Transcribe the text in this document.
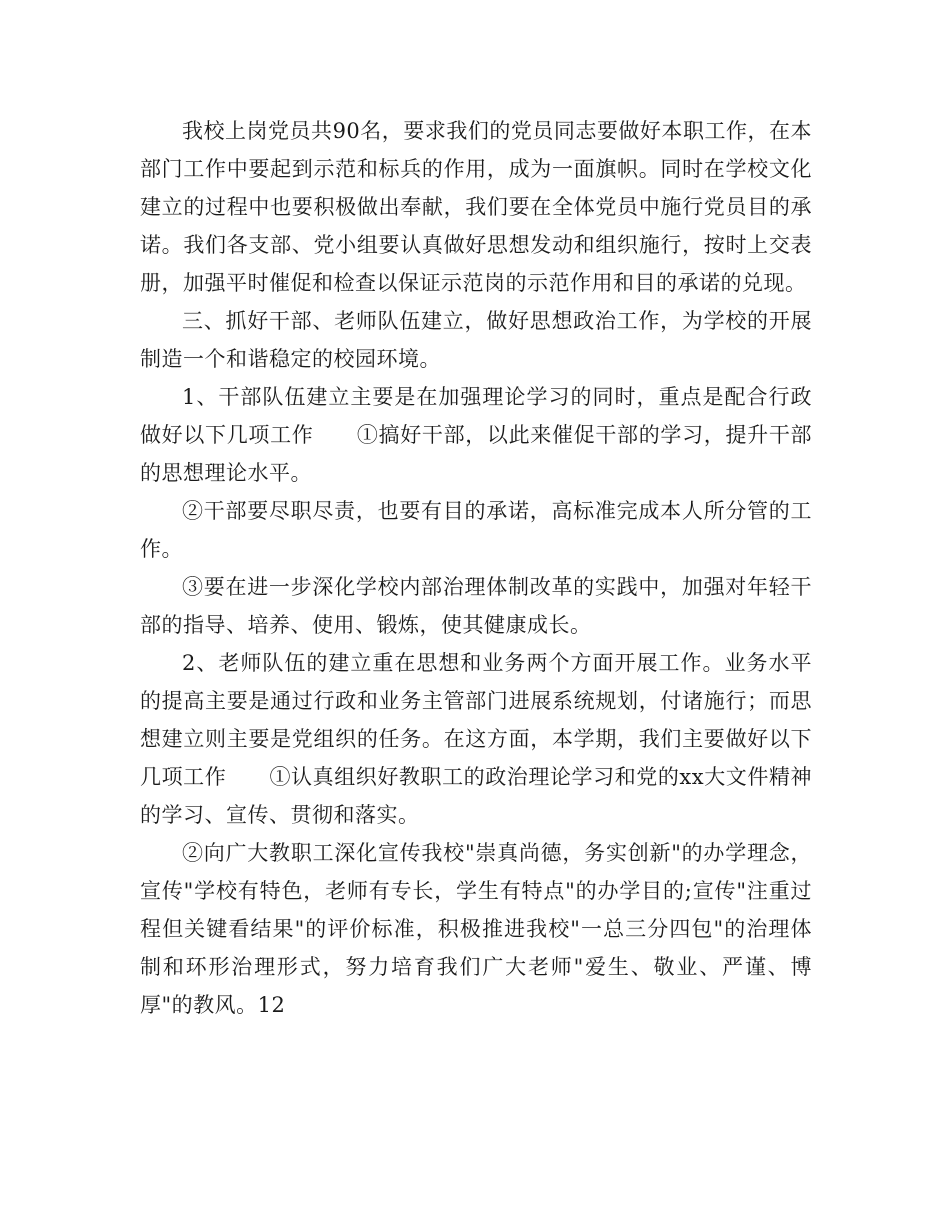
我校上岗党员共90名，要求我们的党员同志要做好本职工作，在本部门工作中要起到示范和标兵的作用，成为一面旗帜。同时在学校文化建立的过程中也要积极做出奉献，我们要在全体党员中施行党员目的承诺。我们各支部、党小组要认真做好思想发动和组织施行，按时上交表册，加强平时催促和检查以保证示范岗的示范作用和目的承诺的兑现。

三、抓好干部、老师队伍建立，做好思想政治工作，为学校的开展制造一个和谐稳定的校园环境。

1、干部队伍建立主要是在加强理论学习的同时，重点是配合行政做好以下几项工作　　①搞好干部，以此来催促干部的学习，提升干部的思想理论水平。

②干部要尽职尽责，也要有目的承诺，高标准完成本人所分管的工作。

③要在进一步深化学校内部治理体制改革的实践中，加强对年轻干部的指导、培养、使用、锻炼，使其健康成长。

2、老师队伍的建立重在思想和业务两个方面开展工作。业务水平的提高主要是通过行政和业务主管部门进展系统规划，付诸施行；而思想建立则主要是党组织的任务。在这方面，本学期，我们主要做好以下几项工作　　①认真组织好教职工的政治理论学习和党的xx大文件精神的学习、宣传、贯彻和落实。

②向广大教职工深化宣传我校"崇真尚德，务实创新"的办学理念，宣传"学校有特色，老师有专长，学生有特点"的办学目的;宣传"注重过程但关键看结果"的评价标准，积极推进我校"一总三分四包"的治理体制和环形治理形式，努力培育我们广大老师"爱生、敬业、严谨、博厚"的教风。12
